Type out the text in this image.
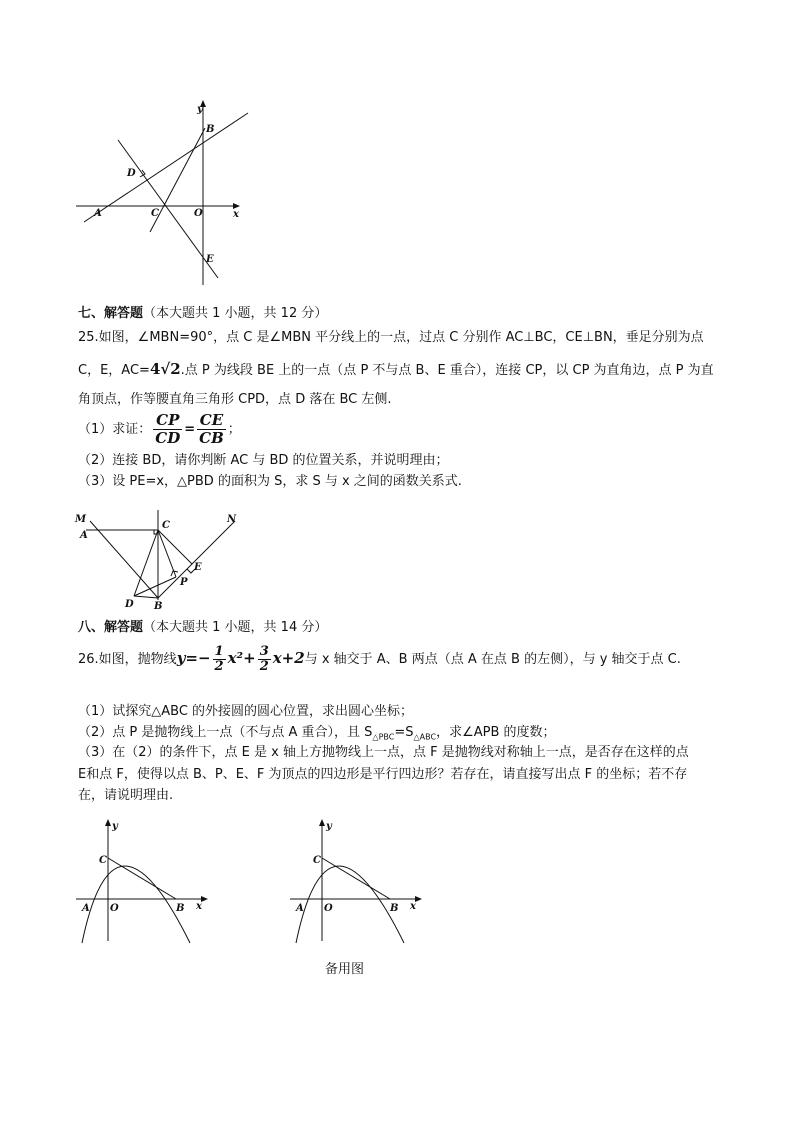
y
B
D
A	C	O	x
E
七、解答题（本大题共 1 小题，共 12 分）
25.如图，∠MBN=90°，点 C 是∠MBN 平分线上的一点，过点 C 分别作 AC⊥BC，CE⊥BN，垂足分别为点
C，E，AC=4√2.点 P 为线段 BE 上的一点（点 P 不与点 B、E 重合），连接 CP，以 CP 为直角边，点 P 为直
角顶点，作等腰直角三角形 CPD，点 D 落在 BC 左侧.
（1）求证： $\frac{CP}{CD} = \frac{CE}{CB}$ ；
（2）连接 BD，请你判断 AC 与 BD 的位置关系，并说明理由；
（3）设 PE=x，△PBD 的面积为 S，求 S 与 x 之间的函数关系式.
M
A
C
N
E
P
D B
八、解答题（本大题共 1 小题，共 14 分）
26.如图，抛物线$y=- \frac{1}{2} x^2+ \frac{3}{2} x+2$与 x 轴交于 A、B 两点（点 A 在点 B 的左侧），与 y 轴交于点 C.
（1）试探究△ABC 的外接圆的圆心位置，求出圆心坐标；
（2）点 P 是抛物线上一点（不与点 A 重合），且 $S_{\triangle PBC}=S_{\triangle ABC}$，求∠APB 的度数；
（3）在（2）的条件下，点 E 是 x 轴上方抛物线上一点，点 F 是抛物线对称轴上一点，是否存在这样的点
E和点 F，使得以点 B、P、E、F 为顶点的四边形是平行四边形？若存在，请直接写出点 F 的坐标；若不存
在，请说明理由.
y
C
A O	B x
y
C
A O	B x
备用图
